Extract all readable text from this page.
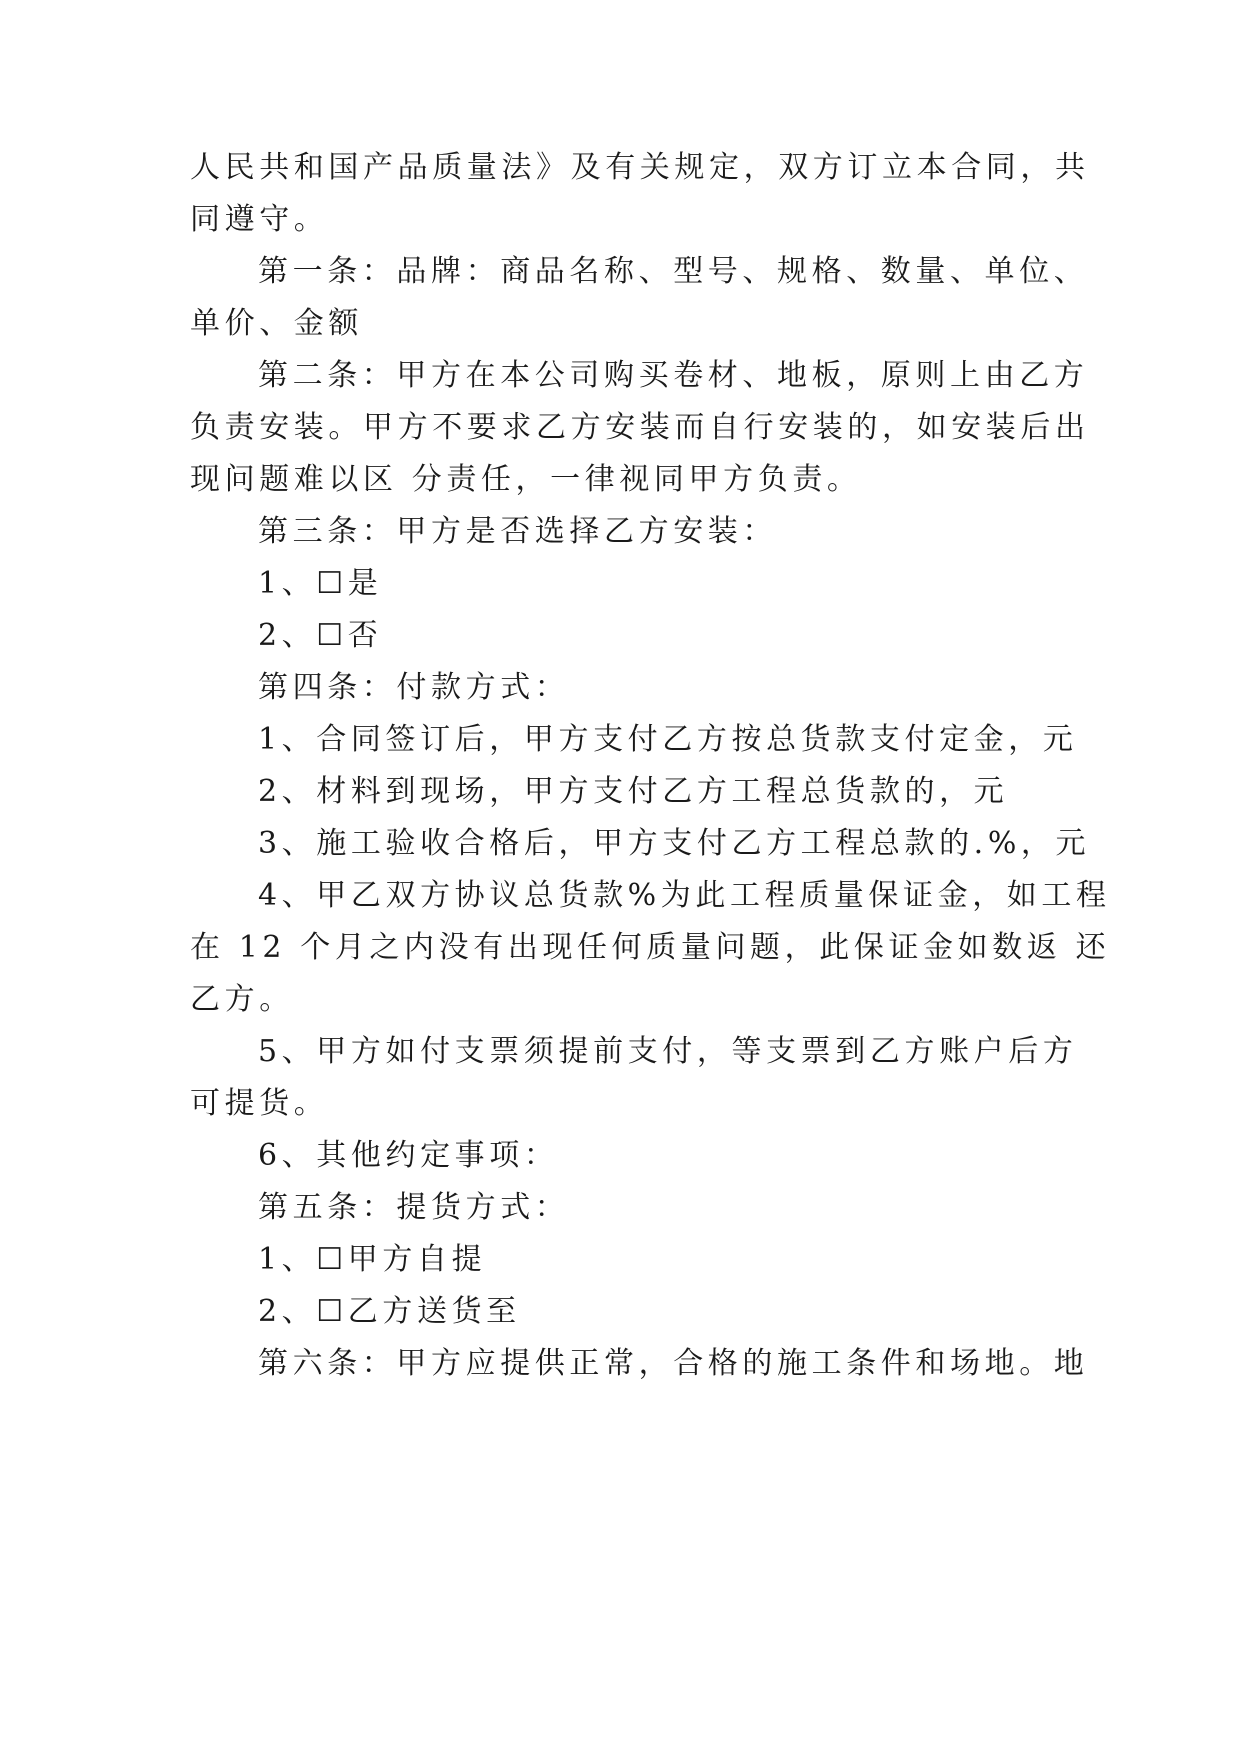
人民共和国产品质量法》及有关规定，双方订立本合同，共

同遵守。

第一条：品牌：商品名称、型号、规格、数量、单位、

单价、金额

第二条：甲方在本公司购买卷材、地板，原则上由乙方

负责安装。甲方不要求乙方安装而自行安装的，如安装后出

现问题难以区 分责任，一律视同甲方负责。

第三条：甲方是否选择乙方安装：

1、☐是

2、☐否

第四条：付款方式：

1、合同签订后，甲方支付乙方按总货款支付定金，元

2、材料到现场，甲方支付乙方工程总货款的，元

3、施工验收合格后，甲方支付乙方工程总款的.%，元

4、甲乙双方协议总货款%为此工程质量保证金，如工程

在 12 个月之内没有出现任何质量问题，此保证金如数返 还

乙方。

5、甲方如付支票须提前支付，等支票到乙方账户后方

可提货。

6、其他约定事项：

第五条：提货方式：

1、☐甲方自提

2、☐乙方送货至

第六条：甲方应提供正常，合格的施工条件和场地。地
